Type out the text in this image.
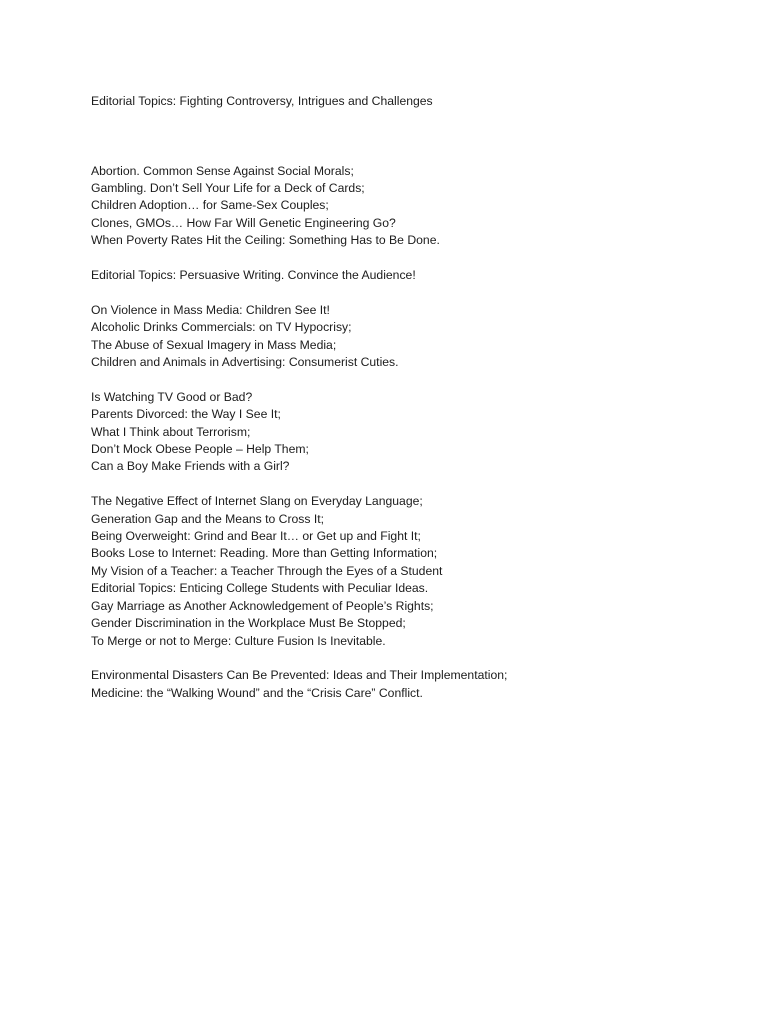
Editorial Topics: Fighting Controversy, Intrigues and Challenges
Abortion. Common Sense Against Social Morals;
Gambling. Don’t Sell Your Life for a Deck of Cards;
Children Adoption… for Same-Sex Couples;
Clones, GMOs… How Far Will Genetic Engineering Go?
When Poverty Rates Hit the Ceiling: Something Has to Be Done.
Editorial Topics: Persuasive Writing. Convince the Audience!
On Violence in Mass Media: Children See It!
Alcoholic Drinks Commercials: on TV Hypocrisy;
The Abuse of Sexual Imagery in Mass Media;
Children and Animals in Advertising: Consumerist Cuties.
Is Watching TV Good or Bad?
Parents Divorced: the Way I See It;
What I Think about Terrorism;
Don’t Mock Obese People – Help Them;
Can a Boy Make Friends with a Girl?
The Negative Effect of Internet Slang on Everyday Language;
Generation Gap and the Means to Cross It;
Being Overweight: Grind and Bear It… or Get up and Fight It;
Books Lose to Internet: Reading. More than Getting Information;
My Vision of a Teacher: a Teacher Through the Eyes of a Student
Editorial Topics: Enticing College Students with Peculiar Ideas.
Gay Marriage as Another Acknowledgement of People’s Rights;
Gender Discrimination in the Workplace Must Be Stopped;
To Merge or not to Merge: Culture Fusion Is Inevitable.
Environmental Disasters Can Be Prevented: Ideas and Their Implementation;
Medicine: the “Walking Wound” and the “Crisis Care” Conflict.
